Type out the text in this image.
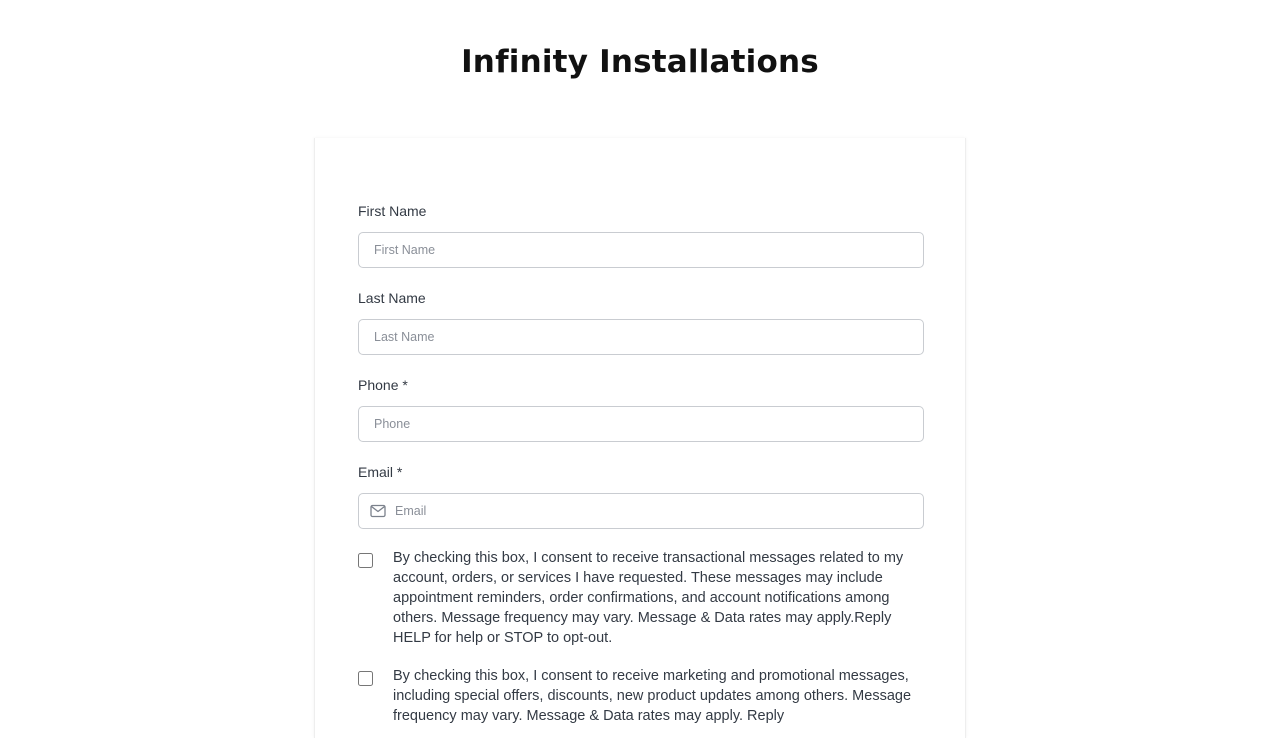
Infinity Installations
First Name
First Name
Last Name
Last Name
Phone *
Phone
Email *
Email

By checking this box, I consent to receive transactional messages related to my account, orders, or services I have requested. These messages may include appointment reminders, order confirmations, and account notifications among others. Message frequency may vary. Message & Data rates may apply.Reply HELP for help or STOP to opt-out.

By checking this box, I consent to receive marketing and promotional messages, including special offers, discounts, new product updates among others. Message frequency may vary. Message & Data rates may apply. Reply
